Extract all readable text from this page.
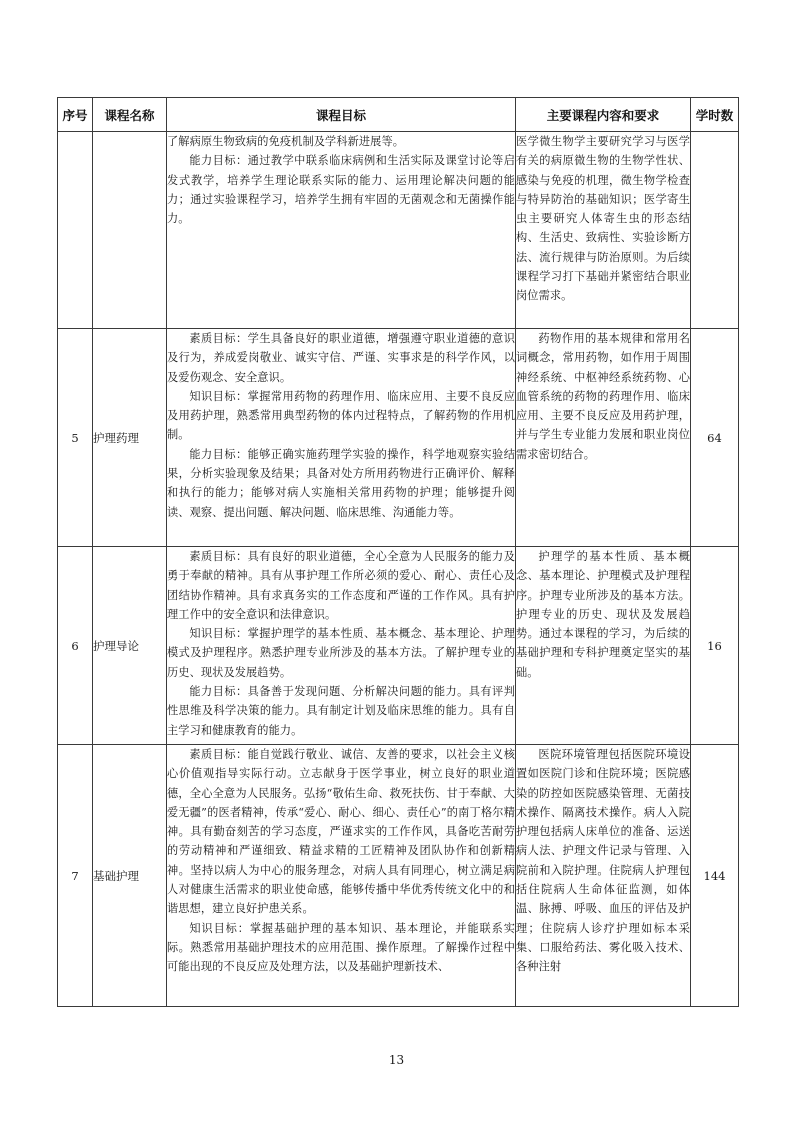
序号	课程名称	课程目标	主要课程内容和要求	学时数

		了解病原生物致病的免疫机制及学科新进展等。

能力目标：通过教学中联系临床病例和生活实际及课堂讨论等启发式教学，培养学生理论联系实际的能力、运用理论解决问题的能力；通过实验课程学习，培养学生拥有牢固的无菌观念和无菌操作能力。	医学微生物学主要研究学习与医学有关的病原微生物的生物学性状、感染与免疫的机理，微生物学检查与特异防治的基础知识；医学寄生虫主要研究人体寄生虫的形态结构、生活史、致病性、实验诊断方法、流行规律与防治原则。为后续课程学习打下基础并紧密结合职业岗位需求。	

5	护理药理	素质目标：学生具备良好的职业道德，增强遵守职业道德的意识及行为，养成爱岗敬业、诚实守信、严谨、实事求是的科学作风，以及爱伤观念、安全意识。

知识目标：掌握常用药物的药理作用、临床应用、主要不良反应及用药护理，熟悉常用典型药物的体内过程特点，了解药物的作用机制。

能力目标：能够正确实施药理学实验的操作，科学地观察实验结果，分析实验现象及结果；具备对处方所用药物进行正确评价、解释和执行的能力；能够对病人实施相关常用药物的护理；能够提升阅读、观察、提出问题、解决问题、临床思维、沟通能力等。	药物作用的基本规律和常用名词概念，常用药物，如作用于周围神经系统、中枢神经系统药物、心血管系统的药物的药理作用、临床应用、主要不良反应及用药护理，并与学生专业能力发展和职业岗位需求密切结合。	64
6	护理导论	素质目标：具有良好的职业道德，全心全意为人民服务的能力及勇于奉献的精神。具有从事护理工作所必须的爱心、耐心、责任心及团结协作精神。具有求真务实的工作态度和严谨的工作作风。具有护理工作中的安全意识和法律意识。

知识目标：掌握护理学的基本性质、基本概念、基本理论、护理模式及护理程序。熟悉护理专业所涉及的基本方法。了解护理专业的历史、现状及发展趋势。

能力目标：具备善于发现问题、分析解决问题的能力。具有评判性思维及科学决策的能力。具有制定计划及临床思维的能力。具有自主学习和健康教育的能力。	护理学的基本性质、基本概念、基本理论、护理模式及护理程序。护理专业所涉及的基本方法。护理专业的历史、现状及发展趋势。通过本课程的学习，为后续的基础护理和专科护理奠定坚实的基础。	16
7	基础护理	素质目标：能自觉践行敬业、诚信、友善的要求，以社会主义核心价值观指导实际行动。立志献身于医学事业，树立良好的职业道德，全心全意为人民服务。弘扬“敬佑生命、救死扶伤、甘于奉献、大爱无疆”的医者精神，传承“爱心、耐心、细心、责任心”的南丁格尔精神。具有勤奋刻苦的学习态度，严谨求实的工作作风，具备吃苦耐劳的劳动精神和严谨细致、精益求精的工匠精神及团队协作和创新精神。坚持以病人为中心的服务理念，对病人具有同理心，树立满足病人对健康生活需求的职业使命感，能够传播中华优秀传统文化中的和谐思想，建立良好护患关系。

知识目标：掌握基础护理的基本知识、基本理论，并能联系实际。熟悉常用基础护理技术的应用范围、操作原理。了解操作过程中可能出现的不良反应及处理方法，以及基础护理新技术、	医院环境管理包括医院环境设置如医院门诊和住院环境；医院感染的防控如医院感染管理、无菌技术操作、隔离技术操作。病人入院护理包括病人床单位的准备、运送病人法、护理文件记录与管理、入院前和入院护理。住院病人护理包括住院病人生命体征监测，如体温、脉搏、呼吸、血压的评估及护理；住院病人诊疗护理如标本采集、口服给药法、雾化吸入技术、各种注射	144
13
